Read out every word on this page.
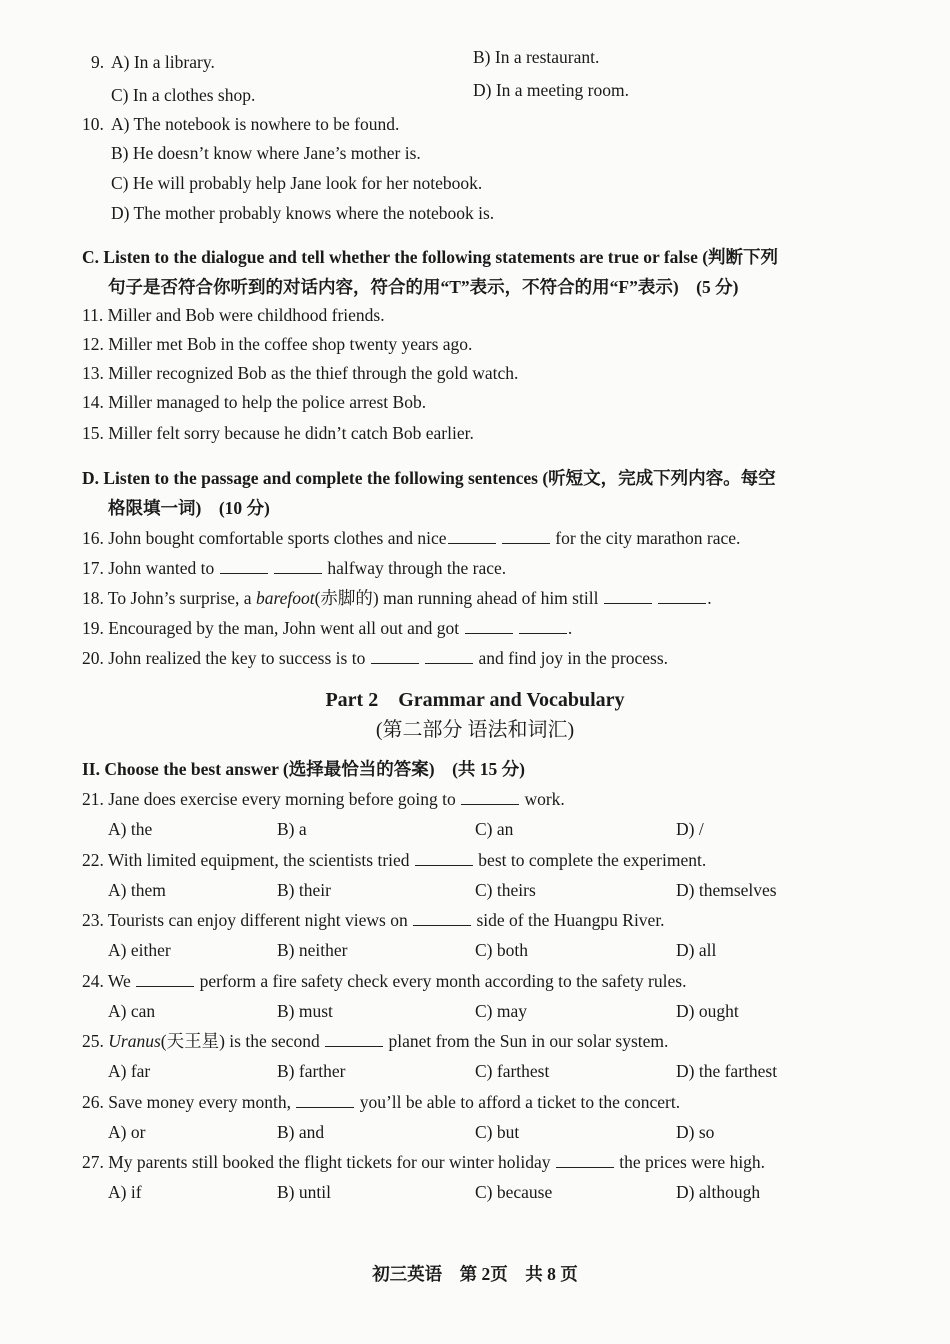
9. A) In a library.	B) In a restaurant.
C) In a clothes shop.	D) In a meeting room.
10. A) The notebook is nowhere to be found.
B) He doesn’t know where Jane’s mother is.
C) He will probably help Jane look for her notebook.
D) The mother probably knows where the notebook is.
C. Listen to the dialogue and tell whether the following statements are true or false (判断下列
句子是否符合你听到的对话内容，符合的用“T”表示，不符合的用“F”表示)　(5 分)
11. Miller and Bob were childhood friends.
12. Miller met Bob in the coffee shop twenty years ago.
13. Miller recognized Bob as the thief through the gold watch.
14. Miller managed to help the police arrest Bob.
15. Miller felt sorry because he didn’t catch Bob earlier.
D. Listen to the passage and complete the following sentences (听短文，完成下列内容。每空
格限填一词)　(10 分)
16. John bought comfortable sports clothes and nice	for the city marathon race.
17. John wanted to	halfway through the race.
18. To John’s surprise, a barefoot(赤脚的) man running ahead of him still	.
19. Encouraged by the man, John went all out and got	.
20. John realized the key to success is to	and find joy in the process.
Part 2　Grammar and Vocabulary
(第二部分 语法和词汇)
II. Choose the best answer (选择最恰当的答案)　(共 15 分)
21. Jane does exercise every morning before going to	work.
A) the	B) a	C) an	D) /
22. With limited equipment, the scientists tried	best to complete the experiment.
A) them	B) their	C) theirs	D) themselves
23. Tourists can enjoy different night views on	side of the Huangpu River.
A) either	B) neither	C) both	D) all
24. We	perform a fire safety check every month according to the safety rules.
A) can	B) must	C) may	D) ought
25. Uranus(天王星) is the second	planet from the Sun in our solar system.
A) far	B) farther	C) farthest	D) the farthest
26. Save money every month,	you’ll be able to afford a ticket to the concert.
A) or	B) and	C) but	D) so
27. My parents still booked the flight tickets for our winter holiday	the prices were high.
A) if	B) until	C) because	D) although
初三英语　第 2页　共 8 页
